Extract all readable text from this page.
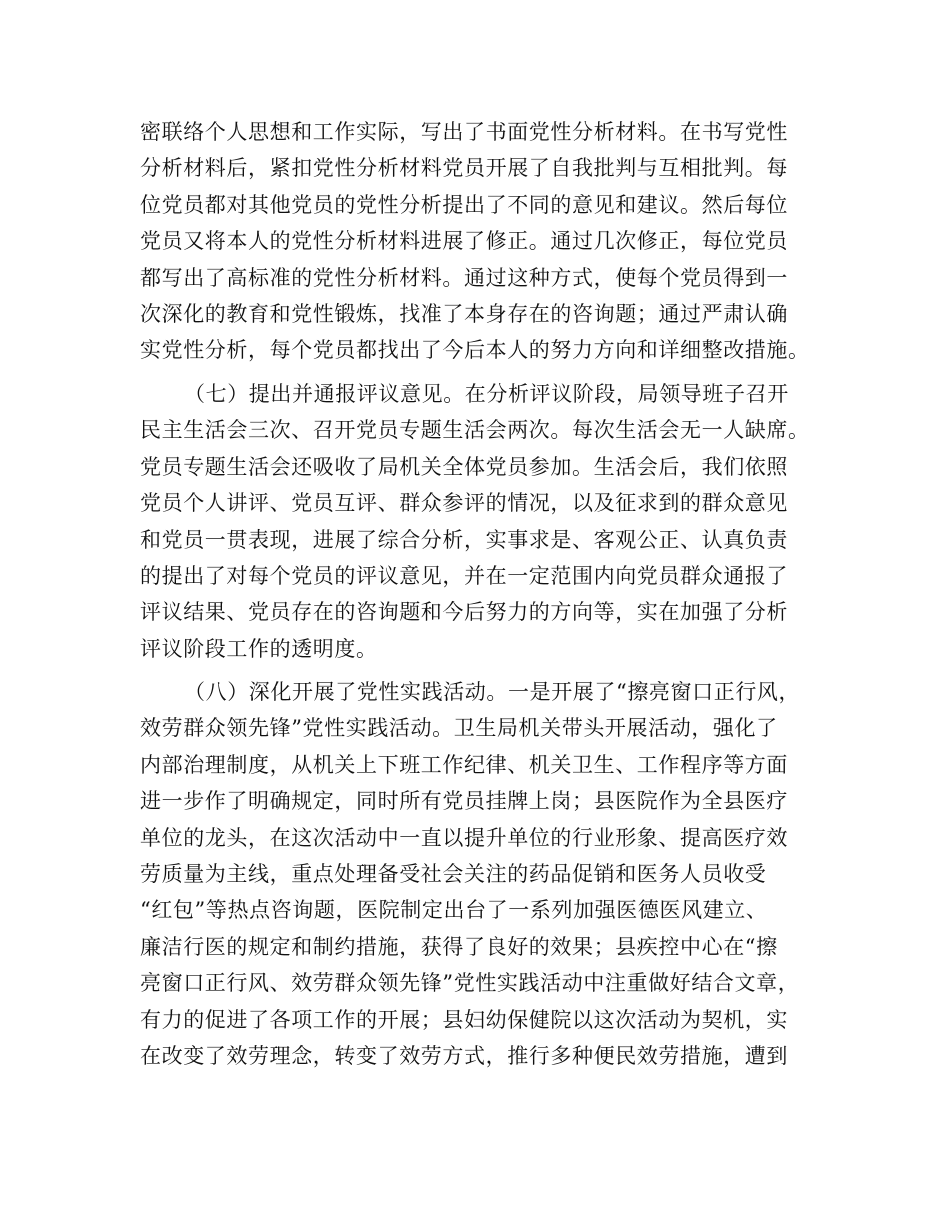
密联络个人思想和工作实际，写出了书面党性分析材料。在书写党性
分析材料后，紧扣党性分析材料党员开展了自我批判与互相批判。每
位党员都对其他党员的党性分析提出了不同的意见和建议。然后每位
党员又将本人的党性分析材料进展了修正。通过几次修正，每位党员
都写出了高标准的党性分析材料。通过这种方式，使每个党员得到一
次深化的教育和党性锻炼，找准了本身存在的咨询题；通过严肃认确
实党性分析，每个党员都找出了今后本人的努力方向和详细整改措施。
（七）提出并通报评议意见。在分析评议阶段，局领导班子召开
民主生活会三次、召开党员专题生活会两次。每次生活会无一人缺席。
党员专题生活会还吸收了局机关全体党员参加。生活会后，我们依照
党员个人讲评、党员互评、群众参评的情况，以及征求到的群众意见
和党员一贯表现，进展了综合分析，实事求是、客观公正、认真负责
的提出了对每个党员的评议意见，并在一定范围内向党员群众通报了
评议结果、党员存在的咨询题和今后努力的方向等，实在加强了分析
评议阶段工作的透明度。
（八）深化开展了党性实践活动。一是开展了“擦亮窗口正行风，
效劳群众领先锋”党性实践活动。卫生局机关带头开展活动，强化了
内部治理制度，从机关上下班工作纪律、机关卫生、工作程序等方面
进一步作了明确规定，同时所有党员挂牌上岗；县医院作为全县医疗
单位的龙头，在这次活动中一直以提升单位的行业形象、提高医疗效
劳质量为主线，重点处理备受社会关注的药品促销和医务人员收受
“红包”等热点咨询题，医院制定出台了一系列加强医德医风建立、
廉洁行医的规定和制约措施，获得了良好的效果；县疾控中心在“擦
亮窗口正行风、效劳群众领先锋”党性实践活动中注重做好结合文章，
有力的促进了各项工作的开展；县妇幼保健院以这次活动为契机，实
在改变了效劳理念，转变了效劳方式，推行多种便民效劳措施，遭到
